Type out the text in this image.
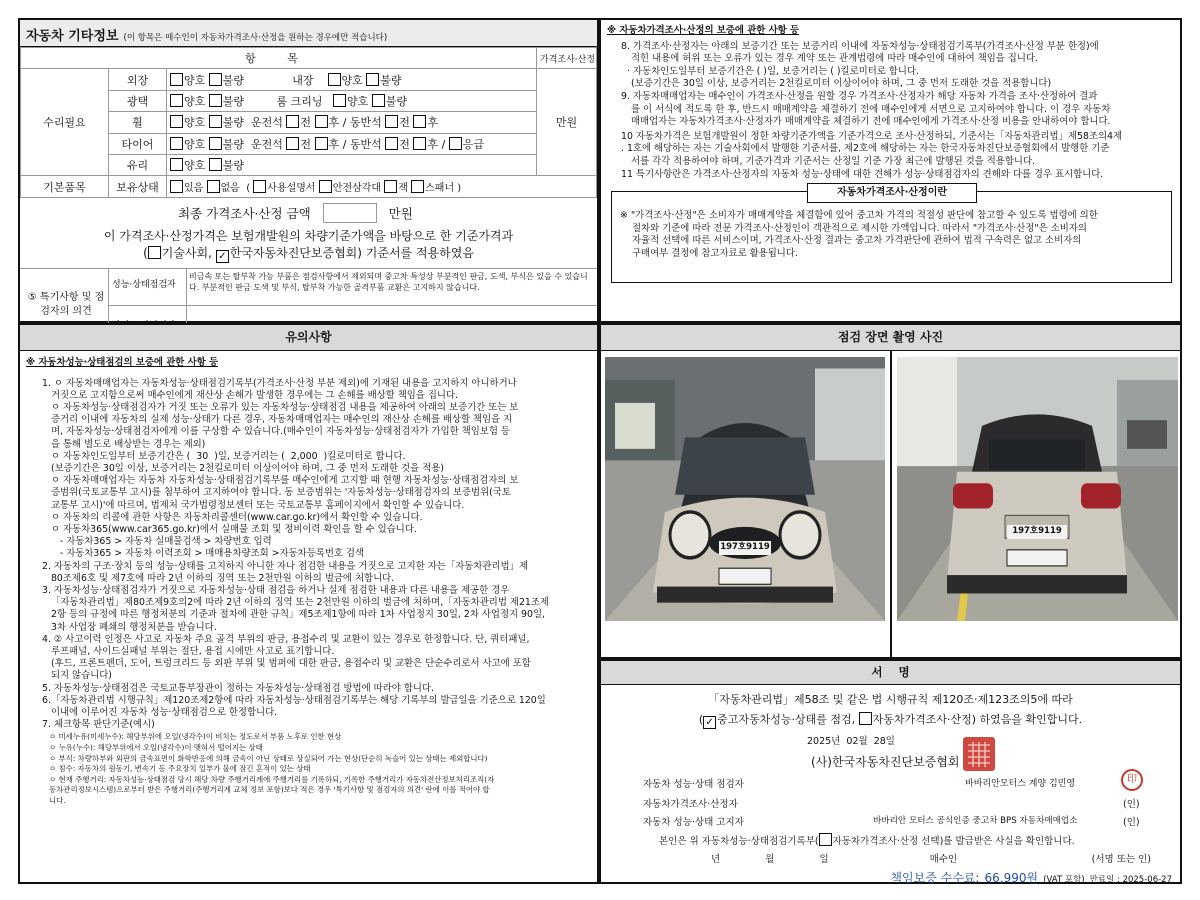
자동차 기타정보 (이 항목은 매수인이 자동차가격조사·산정을 원하는 경우에만 적습니다)
항 목			가격조사·산정
수리필요	외장	양호 불량 내장 양호 불량	만원
	광택	양호 불량 룸 크리닝 양호 불량	
	휠	양호 불량 운전석 전 후 / 동반석 전 후	
	타이어	양호 불량 운전석 전 후 / 동반석 전 후 / 응급	
	유리	양호 불량	
기본품목	보유상태	있음 없음  ( 사용설명서 안전삼각대 잭 스패너 )	
최종 가격조사·산정 금액	만원
이 가격조사·산정가격은 보험개발원의 차량기준가액을 바탕으로 한 기준가격과
( 기술사회, ✓ 한국자동차진단보증협회) 기준서를 적용하였음
⑤ 특기사항 및 점검자의 의견
성능·상태점검자
비금속 또는 탈부착 가능 부품은 점검사항에서 제외되며 중고차 특성상 부분적인 판금, 도색, 부식은 있을 수 있습니다. 부분적인 판금 도색 및 부식, 탈부착 가능한 골격부품 교환은 고지하지 않습니다.
※ 자동차가격조사·산정의 보증에 관한 사항 등
8. 가격조사·산정자는 아래의 보증기간 또는 보증거리 이내에 자동차성능·상태점검기록부(가격조사·산정 부분 한정)에
적힌 내용에 허위 또는 오류가 있는 경우 계약 또는 관계법령에 따라 매수인에 대하여 책임을 집니다.
· 자동차인도일부터 보증기간은 ( )일, 보증거리는 ( )킬로미터로 합니다.
(보증기간은 30일 이상, 보증거리는 2천킬로미터 이상이어야 하며, 그 중 먼저 도래한 것을 적용합니다)
9. 자동차매매업자는 매수인이 가격조사·산정을 원할 경우 가격조사·산정자가 해당 자동차 가격을 조사·산정하여 결과
를 이 서식에 적도록 한 후, 반드시 매매계약을 체결하기 전에 매수인에게 서면으로 고지하여야 합니다. 이 경우 자동차
매매업자는 자동차가격조사·산정자가 매매계약을 체결하기 전에 매수인에게 가격조사·산정 비용을 안내하여야 합니다.
10 자동차가격은 보험개발원이 정한 차량기준가액을 기준가격으로 조사·산정하되, 기준서는「자동차관리법」제58조의4제
. 1호에 해당하는 자는 기술사회에서 발행한 기준서를, 제2호에 해당하는 자는 한국자동차진단보증협회에서 발행한 기준
서를 각각 적용하여야 하며, 기준가격과 기준서는 산정일 기준 가장 최근에 발행된 것을 적용합니다.
11 특기사항란은 가격조사·산정자의 자동차 성능·상태에 대한 견해가 성능·상태점검자의 견해와 다를 경우 표시합니다.
자동차가격조사·산정이란
※ "가격조사·산정"은 소비자가 매매계약을 체결함에 있어 중고차 가격의 적절성 판단에 참고할 수 있도록 법령에 의한
절차와 기준에 따라 전문 가격조사·산정인이 객관적으로 제시한 가액입니다. 따라서 "가격조사·산정"은 소비자의
자율적 선택에 따른 서비스이며, 가격조사·산정 결과는 중고차 가격판단에 관하여 법적 구속력은 없고 소비자의
구매여부 결정에 참고자료로 활용됩니다.
유의사항
※ 자동차성능·상태점검의 보증에 관한 사항 등
1. ㅇ 자동차매매업자는 자동차성능·상태점검기록부(가격조사·산정 부분 제외)에 기재된 내용을 고지하지 아니하거나
거짓으로 고지함으로써 매수인에게 재산상 손해가 발생한 경우에는 그 손해를 배상할 책임을 집니다.
ㅇ 자동차성능·상태점검자가 거짓 또는 오류가 있는 자동차성능·상태점검 내용을 제공하여 아래의 보증기간 또는 보
증거리 이내에 자동차의 실제 성능·상태가 다른 경우, 자동차매매업자는 매수인의 재산상 손해를 배상할 책임을 지
며, 자동차성능·상태점검자에게 이를 구상할 수 있습니다.(매수인이 자동차성능·상태점검자가 가입한 책임보험 등
을 통해 별도로 배상받는 경우는 제외)
ㅇ 자동차인도일부터 보증기간은 (  30  )일, 보증거리는 (  2,000  )킬로미터로 합니다.
(보증기간은 30일 이상, 보증거리는 2천킬로미터 이상이어야 하며, 그 중 먼저 도래한 것을 적용)
ㅇ 자동차매매업자는 자동차 자동차성능·상태점검기록부를 매수인에게 고지할 때 현행 자동차성능·상태점검자의 보
증범위(국토교통부 고시)를 첨부하여 고지하여야 합니다. 동 보증범위는 '자동차성능·상태점검자의 보증범위(국토
교통부 고시)'에 따르며, 법제처 국가법령정보센터 또는 국토교통부 홈페이지에서 확인할 수 있습니다.
ㅇ 자동차의 리콜에 관한 사항은 자동차리콜센터(www.car.go.kr)에서 확인할 수 있습니다.
ㅇ 자동차365(www.car365.go.kr)에서 실매물 조회 및 정비이력 확인을 할 수 있습니다.
- 자동차365 > 자동차 실매물검색 > 차량번호 입력
- 자동차365 > 자동차 이력조회 > 매매용차량조회 >자동차등록번호 검색
2. 자동차의 구조·장치 등의 성능·상태를 고지하지 아니한 자나 점검한 내용을 거짓으로 고지한 자는「자동차관리법」제
80조제6호 및 제7호에 따라 2년 이하의 징역 또는 2천만원 이하의 벌금에 처합니다.
3. 자동차성능·상태점검자가 거짓으로 자동차성능·상태 점검을 하거나 실제 점검한 내용과 다른 내용을 제공한 경우
「자동차관리법」제80조제9호의2에 따라 2년 이하의 징역 또는 2천만원 이하의 벌금에 처하며,「자동차관리법 제21조제
2항 등의 규정에 따른 행정처분의 기준과 절차에 관한 규칙」제5조제1항에 따라 1차 사업정지 30일, 2차 사업정지 90일,
3차 사업장 폐쇄의 행정처분을 받습니다.
4. ② 사고이력 인정은 사고로 자동차 주요 골격 부위의 판금, 용접수리 및 교환이 있는 경우로 한정합니다. 단, 쿼터패널,
루프패널, 사이드실패널 부위는 절단, 용접 시에만 사고로 표기합니다.
(후드, 프론트펜더, 도어, 트렁크리드 등 외판 부위 및 범퍼에 대한 판금, 용접수리 및 교환은 단순수리로서 사고에 포함
되지 않습니다)
5. 자동차성능·상태점검은 국토교통부장관이 정하는 자동차성능·상태점검 방법에 따라야 합니다.
6.「자동차관리법 시행규칙」제120조제2항에 따라 자동차성능·상태점검기록부는 해당 기록부의 발급일을 기준으로 120일
이내에 이루어진 자동차 성능·상태점검으로 한정합니다.
7. 체크항목 판단기준(예시)
ㅇ 미세누유(미세누수): 해당부위에 오일(냉각수)이 비치는 정도로서 부품 노후로 인한 현상
ㅇ 누유(누수): 해당부위에서 오일(냉각수)이 맺혀서 떨어지는 상태
ㅇ 부식: 차량하부와 외판의 금속표면이 화학반응에 의해 금속이 아닌 상태로 상실되어 가는 현상(단순히 녹슬어 있는 상태는 제외합니다)
ㅇ 침수: 자동차의 원동기, 변속기 등 주요장치 일부가 물에 잠긴 흔적이 있는 상태
ㅇ 현재 주행거리: 자동차성능·상태점검 당시 해당 차량 주행거리계에 주행거리를 기록하되, 기록한 주행거리가 자동차전산정보처리조직(자
동차관리정보시스템)으로부터 받은 주행거리(주행거리계 교체 정보 포함)보다 적은 경우 '특기사항 및 점검자의 의견' 란에 이를 적어야 합
니다.
점검 장면 촬영 사진
197호9119
197호9119
서    명
「자동차관리법」제58조 및 같은 법 시행규칙 제120조·제123조의5에 따라
( ✓ 중고자동차성능·상태를 점검, 자동차가격조사·산정) 하였음을 확인합니다.
2025년 02월 28일
(사)한국자동차진단보증협회
자동차 성능·상태 점검자	바바리안모터스 계양 김민영	印
자동차가격조사·산정자	(인)
자동차 성능·상태 고지자	바바리안 모터스 공식인증 중고차 BPS 자동차매매업소	(인)
본인은 위 자동차성능·상태점검기록부( 자동차가격조사·산정 선택)를 발급받은 사실을 확인합니다.
년	월	일	매수인	(서명 또는 인)
책임보증 수수료: 66,990원 (VAT 포함) 만료일 : 2025-06-27
